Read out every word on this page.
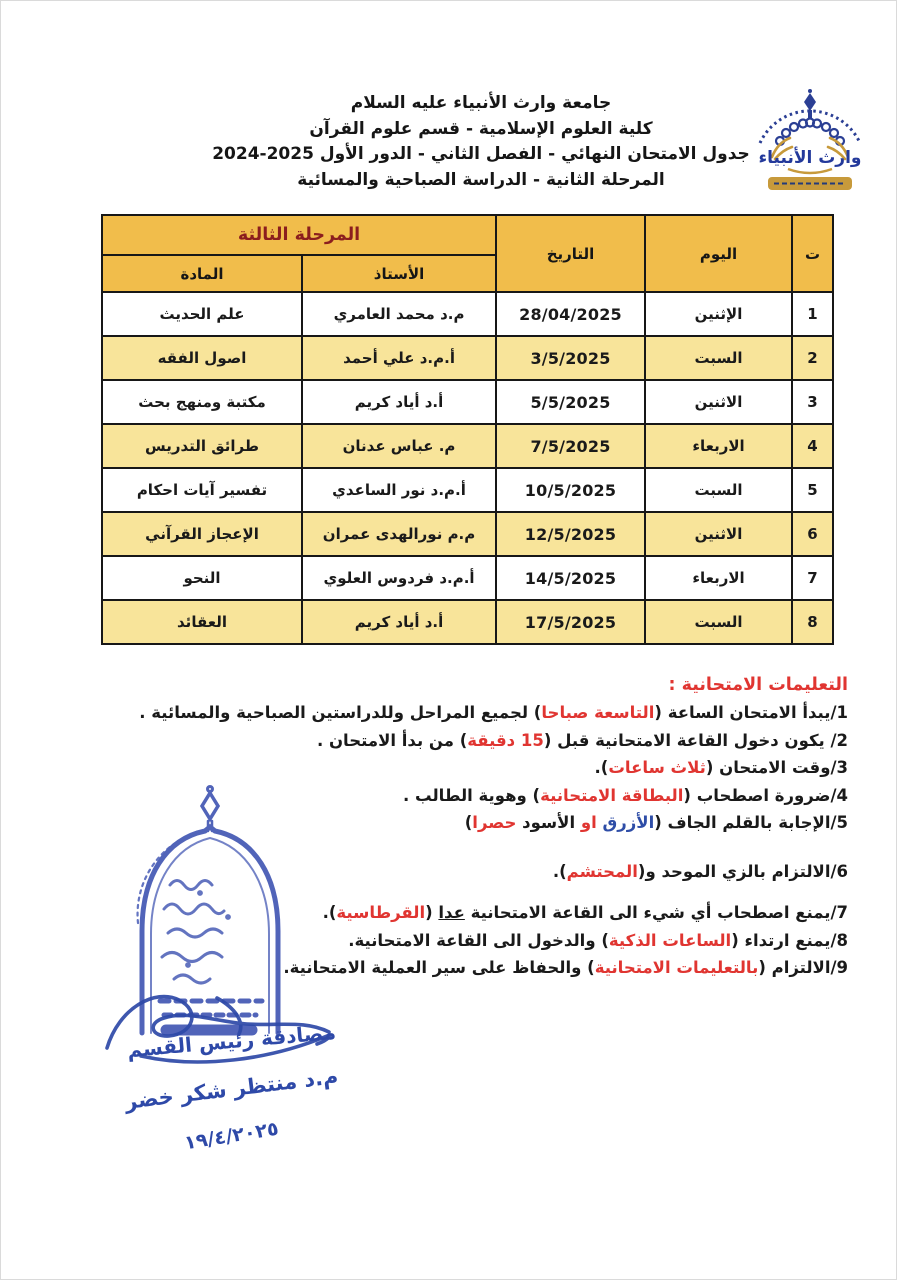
جامعة وارث الأنبياء عليه السلام
كلية العلوم الإسلامية - قسم علوم القرآن
جدول الامتحان النهائي - الفصل الثاني - الدور الأول 2025-2024
المرحلة الثانية - الدراسة الصباحية والمسائية
وارث الأنبياء
ت	اليوم	التاريخ	المرحلة الثالثة	
			الأستاذ	المادة
1	الإثنين	28/04/2025	م.د محمد العامري	علم الحديث
2	السبت	3/5/2025	أ.م.د علي أحمد	اصول الفقه
3	الاثنين	5/5/2025	أ.د أياد كريم	مكتبة ومنهج بحث
4	الاربعاء	7/5/2025	م. عباس عدنان	طرائق التدريس
5	السبت	10/5/2025	أ.م.د نور الساعدي	تفسير آيات احكام
6	الاثنين	12/5/2025	م.م نورالهدى عمران	الإعجاز القرآني
7	الاربعاء	14/5/2025	أ.م.د فردوس العلوي	النحو
8	السبت	17/5/2025	أ.د أياد كريم	العقائد
التعليمات الامتحانية :
1/يبدأ الامتحان الساعة (التاسعة صباحا) لجميع المراحل وللدراستين الصباحية والمسائية .
2/ يكون دخول القاعة الامتحانية قبل (15 دقيقة) من بدأ الامتحان .
3/وقت الامتحان (ثلاث ساعات).
4/ضرورة اصطحاب (البطاقة الامتحانية) وهوية الطالب .
5/الإجابة بالقلم الجاف (الأزرق او الأسود حصرا)
6/الالتزام بالزي الموحد و(المحتشم).
7/يمنع اصطحاب أي شيء الى القاعة الامتحانية عدا (القرطاسية).
8/يمنع ارتداء (الساعات الذكية) والدخول الى القاعة الامتحانية.
9/الالتزام (بالتعليمات الامتحانية) والحفاظ على سير العملية الامتحانية.
مصادقة رئيس القسم
م.د منتظر شكر خضر
١٩/٤/٢٠٢٥
